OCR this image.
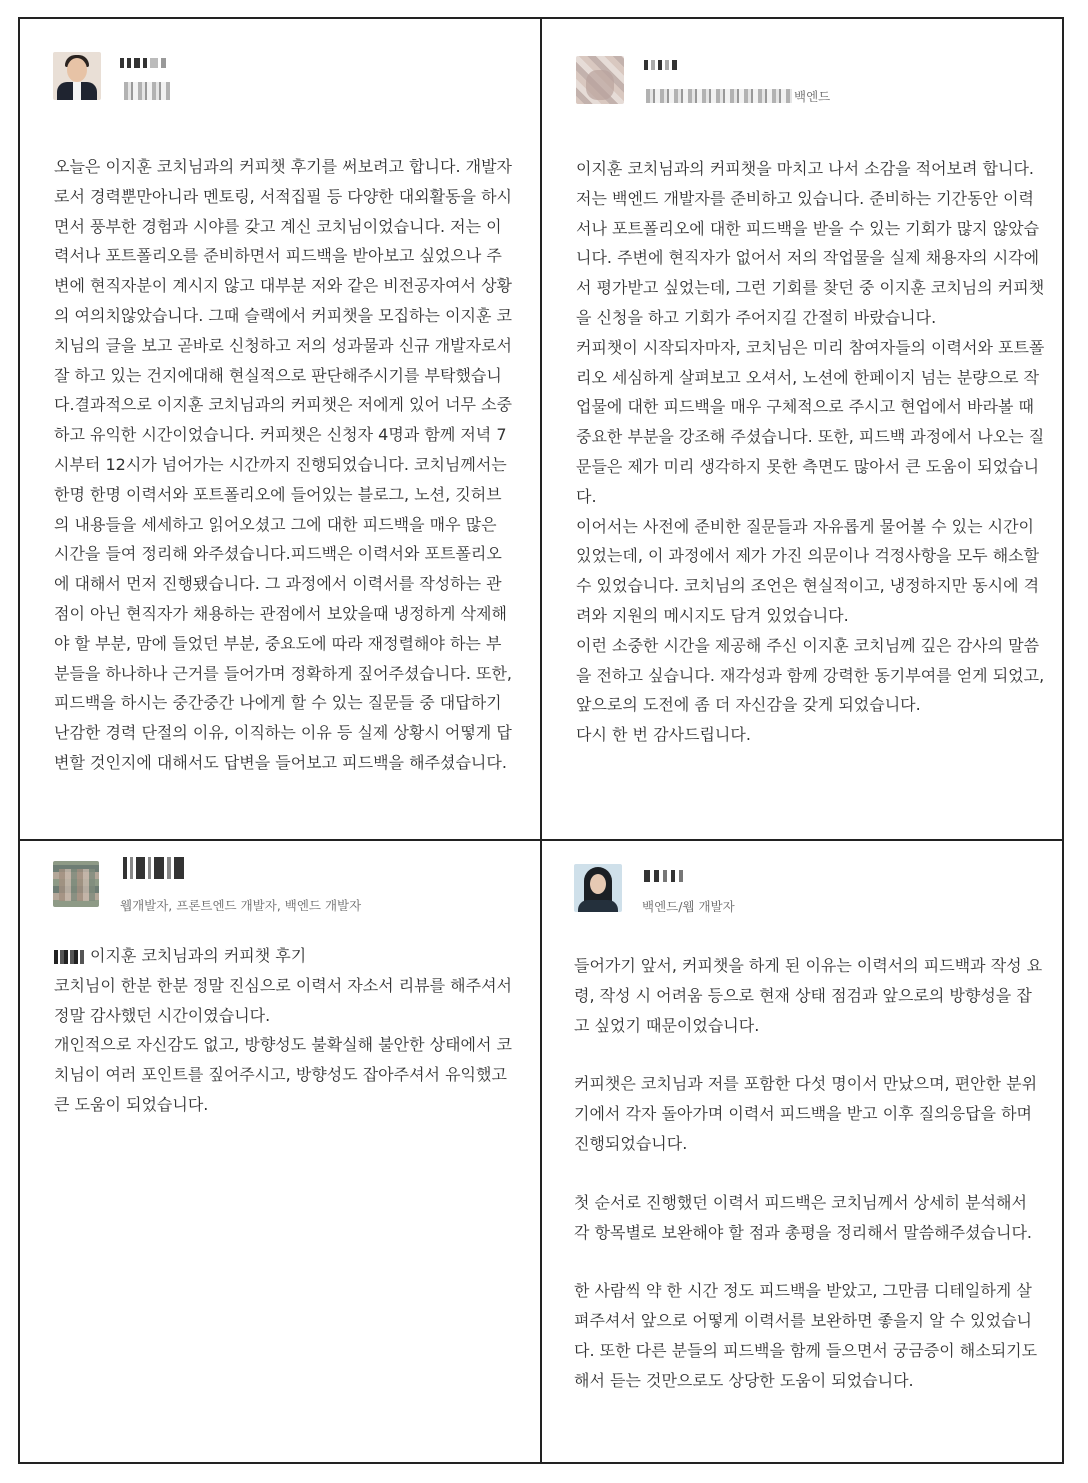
오늘은 이지훈 코치님과의 커피챗 후기를 써보려고 합니다. 개발자로서 경력뿐만아니라 멘토링, 서적집필 등 다양한 대외활동을 하시면서 풍부한 경험과 시야를 갖고 계신 코치님이었습니다. 저는 이력서나 포트폴리오를 준비하면서 피드백을 받아보고 싶었으나 주변에 현직자분이 계시지 않고 대부분 저와 같은 비전공자여서 상황의 여의치않았습니다. 그때 슬랙에서 커피챗을 모집하는 이지훈 코치님의 글을 보고 곧바로 신청하고 저의 성과물과 신규 개발자로서 잘 하고 있는 건지에대해 현실적으로 판단해주시기를 부탁했습니다.결과적으로 이지훈 코치님과의 커피챗은 저에게 있어 너무 소중하고 유익한 시간이었습니다. 커피챗은 신청자 4명과 함께 저녁 7시부터 12시가 넘어가는 시간까지 진행되었습니다. 코치님께서는 한명 한명 이력서와 포트폴리오에 들어있는 블로그, 노션, 깃허브의 내용들을 세세하고 읽어오셨고 그에 대한 피드백을 매우 많은 시간을 들여 정리해 와주셨습니다.피드백은 이력서와 포트폴리오에 대해서 먼저 진행됐습니다. 그 과정에서 이력서를 작성하는 관점이 아닌 현직자가 채용하는 관점에서 보았을때 냉정하게 삭제해야 할 부분, 맘에 들었던 부분, 중요도에 따라 재정렬해야 하는 부분들을 하나하나 근거를 들어가며 정확하게 짚어주셨습니다. 또한, 피드백을 하시는 중간중간 나에게 할 수 있는 질문들 중 대답하기 난감한 경력 단절의 이유, 이직하는 이유 등 실제 상황시 어떻게 답변할 것인지에 대해서도 답변을 들어보고 피드백을 해주셨습니다.

백엔드

이지훈 코치님과의 커피챗을 마치고 나서 소감을 적어보려 합니다.

저는 백엔드 개발자를 준비하고 있습니다. 준비하는 기간동안 이력서나 포트폴리오에 대한 피드백을 받을 수 있는 기회가 많지 않았습니다. 주변에 현직자가 없어서 저의 작업물을 실제 채용자의 시각에서 평가받고 싶었는데, 그런 기회를 찾던 중 이지훈 코치님의 커피챗을 신청을 하고 기회가 주어지길 간절히 바랐습니다.

커피챗이 시작되자마자, 코치님은 미리 참여자들의 이력서와 포트폴리오 세심하게 살펴보고 오셔서, 노션에 한페이지 넘는 분량으로 작업물에 대한 피드백을 매우 구체적으로 주시고 현업에서 바라볼 때 중요한 부분을 강조해 주셨습니다. 또한, 피드백 과정에서 나오는 질문들은 제가 미리 생각하지 못한 측면도 많아서 큰 도움이 되었습니다.

이어서는 사전에 준비한 질문들과 자유롭게 물어볼 수 있는 시간이 있었는데, 이 과정에서 제가 가진 의문이나 걱정사항을 모두 해소할 수 있었습니다. 코치님의 조언은 현실적이고, 냉정하지만 동시에 격려와 지원의 메시지도 담겨 있었습니다.

이런 소중한 시간을 제공해 주신 이지훈 코치님께 깊은 감사의 말씀을 전하고 싶습니다. 재각성과 함께 강력한 동기부여를 얻게 되었고, 앞으로의 도전에 좀 더 자신감을 갖게 되었습니다.

다시 한 번 감사드립니다.

웹개발자, 프론트엔드 개발자, 백엔드 개발자

이지훈 코치님과의 커피챗 후기

코치님이 한분 한분 정말 진심으로 이력서 자소서 리뷰를 해주셔서 정말 감사했던 시간이였습니다.

개인적으로 자신감도 없고, 방향성도 불확실해 불안한 상태에서 코치님이 여러 포인트를 짚어주시고, 방향성도 잡아주셔서 유익했고 큰 도움이 되었습니다.

백엔드/웹 개발자

들어가기 앞서, 커피챗을 하게 된 이유는 이력서의 피드백과 작성 요령, 작성 시 어려움 등으로 현재 상태 점검과 앞으로의 방향성을 잡고 싶었기 때문이었습니다.

커피챗은 코치님과 저를 포함한 다섯 명이서 만났으며, 편안한 분위기에서 각자 돌아가며 이력서 피드백을 받고 이후 질의응답을 하며 진행되었습니다.

첫 순서로 진행했던 이력서 피드백은 코치님께서 상세히 분석해서 각 항목별로 보완해야 할 점과 총평을 정리해서 말씀해주셨습니다.

한 사람씩 약 한 시간 정도 피드백을 받았고, 그만큼 디테일하게 살펴주셔서 앞으로 어떻게 이력서를 보완하면 좋을지 알 수 있었습니다. 또한 다른 분들의 피드백을 함께 들으면서 궁금증이 해소되기도 해서 듣는 것만으로도 상당한 도움이 되었습니다.
